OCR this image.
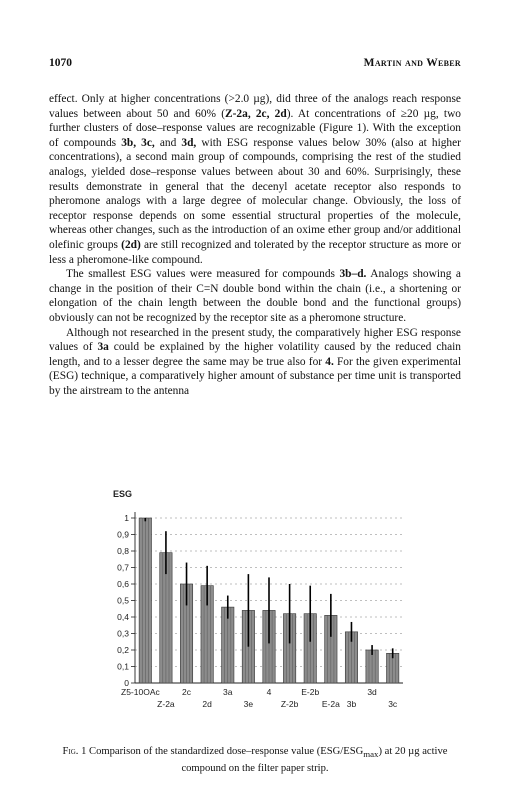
1070	Martin and Weber

effect. Only at higher concentrations (>2.0 µg), did three of the analogs reach response values between about 50 and 60% (Z-2a, 2c, 2d). At concentrations of ≥20 µg, two further clusters of dose–response values are recognizable (Figure 1). With the exception of compounds 3b, 3c, and 3d, with ESG response values below 30% (also at higher concentrations), a second main group of compounds, comprising the rest of the studied analogs, yielded dose–response values between about 30 and 60%. Surprisingly, these results demonstrate in general that the decenyl acetate receptor also responds to pheromone analogs with a large degree of molecular change. Obviously, the loss of receptor response depends on some essential structural properties of the molecule, whereas other changes, such as the introduction of an oxime ether group and/or additional olefinic groups (2d) are still recognized and tolerated by the receptor structure as more or less a pheromone-like compound.

The smallest ESG values were measured for compounds 3b–d. Analogs showing a change in the position of their C=N double bond within the chain (i.e., a shortening or elongation of the chain length between the double bond and the functional groups) obviously can not be recognized by the receptor site as a pheromone structure.

Although not researched in the present study, the comparatively higher ESG response values of 3a could be explained by the higher volatility caused by the reduced chain length, and to a lesser degree the same may be true also for 4. For the given experimental (ESG) technique, a comparatively higher amount of substance per time unit is transported by the airstream to the antenna

ESG
0
0,1
0,2
0,3
0,4
0,5
0,6
0,7
0,8
0,9
1
Z5-10OAc	2c	3a	4	E-2b	3d
Z-2a	2d	3e	Z-2b	E-2a 3b	3c
Fig. 1 Comparison of the standardized dose–response value $(ESG/ESG_{max})$ at 20 µg active compound on the filter paper strip.
